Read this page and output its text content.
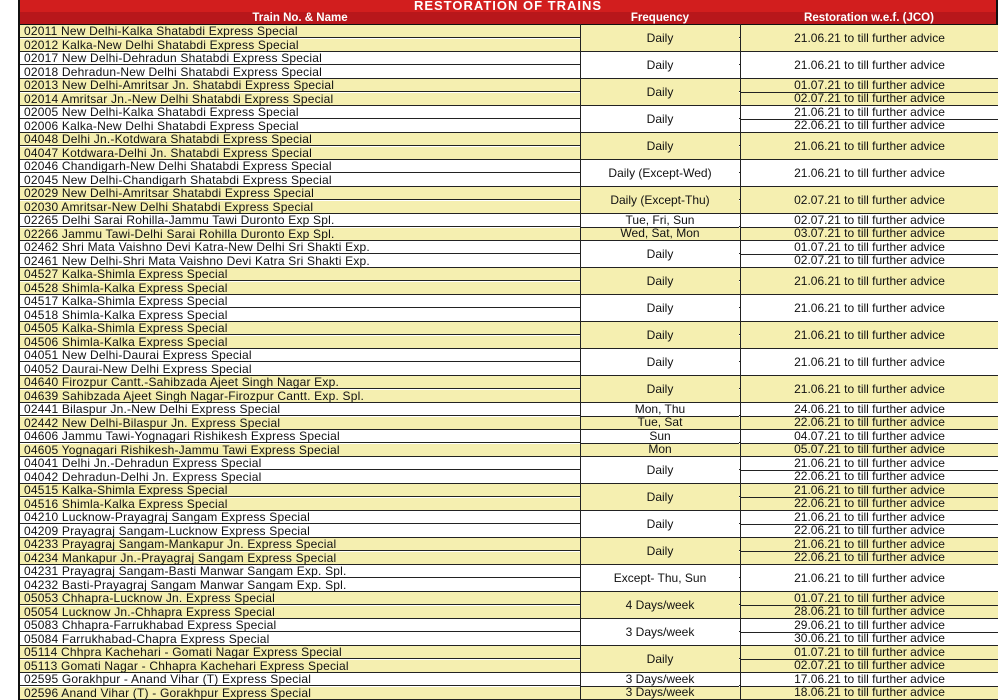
RESTORATION OF TRAINS
Train No. & Name	Frequency	Restoration w.e.f. (JCO)
02011 New Delhi-Kalka Shatabdi Express Special
02012 Kalka-New Delhi Shatabdi Express Special
02017 New Delhi-Dehradun Shatabdi Express Special
02018 Dehradun-New Delhi Shatabdi Express Special
02013 New Delhi-Amritsar Jn. Shatabdi Express Special
02014 Amritsar Jn.-New Delhi Shatabdi Express Special
02005 New Delhi-Kalka Shatabdi Express Special
02006 Kalka-New Delhi Shatabdi Express Special
04048 Delhi Jn.-Kotdwara Shatabdi Express Special
04047 Kotdwara-Delhi Jn. Shatabdi Express Special
02046 Chandigarh-New Delhi Shatabdi Express Special
02045 New Delhi-Chandigarh Shatabdi Express Special
02029 New Delhi-Amritsar Shatabdi Express Special
02030 Amritsar-New Delhi Shatabdi Express Special
02265 Delhi Sarai Rohilla-Jammu Tawi Duronto Exp Spl.
02266 Jammu Tawi-Delhi Sarai Rohilla Duronto Exp Spl.
02462 Shri Mata Vaishno Devi Katra-New Delhi Sri Shakti Exp.
02461 New Delhi-Shri Mata Vaishno Devi Katra Sri Shakti Exp.
04527 Kalka-Shimla Express Special
04528 Shimla-Kalka Express Special
04517 Kalka-Shimla Express Special
04518 Shimla-Kalka Express Special
04505 Kalka-Shimla Express Special
04506 Shimla-Kalka Express Special
04051 New Delhi-Daurai Express Special
04052 Daurai-New Delhi Express Special
04640 Firozpur Cantt.-Sahibzada Ajeet Singh Nagar Exp.
04639 Sahibzada Ajeet Singh Nagar-Firozpur Cantt. Exp. Spl.
02441 Bilaspur Jn.-New Delhi Express Special
02442 New Delhi-Bilaspur Jn. Express Special
04606 Jammu Tawi-Yognagari Rishikesh Express Special
04605 Yognagari Rishikesh-Jammu Tawi Express Special
04041 Delhi Jn.-Dehradun Express Special
04042 Dehradun-Delhi Jn. Express Special
04515 Kalka-Shimla Express Special
04516 Shimla-Kalka Express Special
04210 Lucknow-Prayagraj Sangam Express Special
04209 Prayagraj Sangam-Lucknow Express Special
04233 Prayagraj Sangam-Mankapur Jn. Express Special
04234 Mankapur Jn.-Prayagraj Sangam Express Special
04231 Prayagraj Sangam-Basti Manwar Sangam Exp. Spl.
04232 Basti-Prayagraj Sangam Manwar Sangam Exp. Spl.
05053 Chhapra-Lucknow Jn. Express Special
05054 Lucknow Jn.-Chhapra Express Special
05083 Chhapra-Farrukhabad Express Special
05084 Farrukhabad-Chapra Express Special
05114 Chhpra Kachehari - Gomati Nagar Express Special
05113 Gomati Nagar - Chhapra Kachehari Express Special
02595 Gorakhpur - Anand Vihar (T) Express Special
02596 Anand Vihar (T) - Gorakhpur Express Special
Daily
Daily
Daily
Daily
Daily
Daily (Except-Wed)
Daily (Except-Thu)
Tue, Fri, Sun
Wed, Sat, Mon
Daily
Daily
Daily
Daily
Daily
Daily
Mon, Thu
Tue, Sat
Sun
Mon
Daily
Daily
Daily
Daily
Except- Thu, Sun
4 Days/week
3 Days/week
Daily
3 Days/week
3 Days/week
21.06.21 to till further advice
21.06.21 to till further advice
01.07.21 to till further advice
02.07.21 to till further advice
21.06.21 to till further advice
22.06.21 to till further advice
21.06.21 to till further advice
21.06.21 to till further advice
02.07.21 to till further advice
02.07.21 to till further advice
03.07.21 to till further advice
01.07.21 to till further advice
02.07.21 to till further advice
21.06.21 to till further advice
21.06.21 to till further advice
21.06.21 to till further advice
21.06.21 to till further advice
21.06.21 to till further advice
24.06.21 to till further advice
22.06.21 to till further advice
04.07.21 to till further advice
05.07.21 to till further advice
21.06.21 to till further advice
22.06.21 to till further advice
21.06.21 to till further advice
22.06.21 to till further advice
21.06.21 to till further advice
22.06.21 to till further advice
21.06.21 to till further advice
22.06.21 to till further advice
21.06.21 to till further advice
01.07.21 to till further advice
28.06.21 to till further advice
29.06.21 to till further advice
30.06.21 to till further advice
01.07.21 to till further advice
02.07.21 to till further advice
17.06.21 to till further advice
18.06.21 to till further advice
